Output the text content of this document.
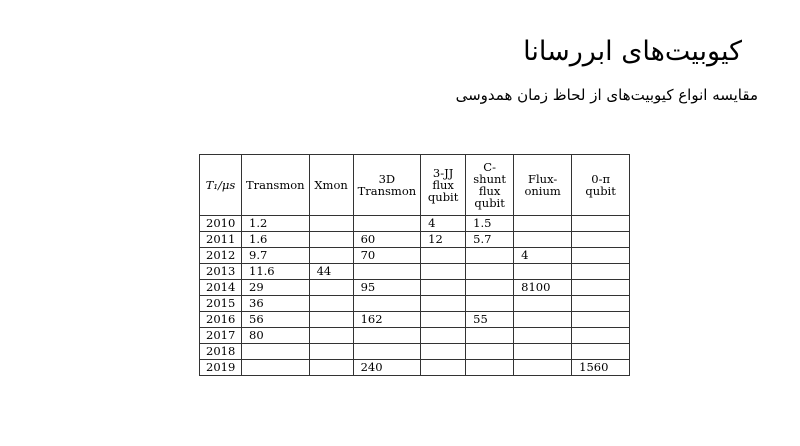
کیوبیت‌های ابررسانا
مقایسه انواع کیوبیت‌های از لحاظ زمان همدوسی
T₁/μs	Transmon	Xmon	3D Transmon	3-JJ flux qubit	C-shunt flux qubit	Flux-onium	0-π qubit
2010	1.2			4	1.5		
2011	1.6		60	12	5.7		
2012	9.7		70			4	
2013	11.6	44					
2014	29		95			8100	
2015	36						
2016	56		162		55		
2017	80						
2018							
2019			240				1560
